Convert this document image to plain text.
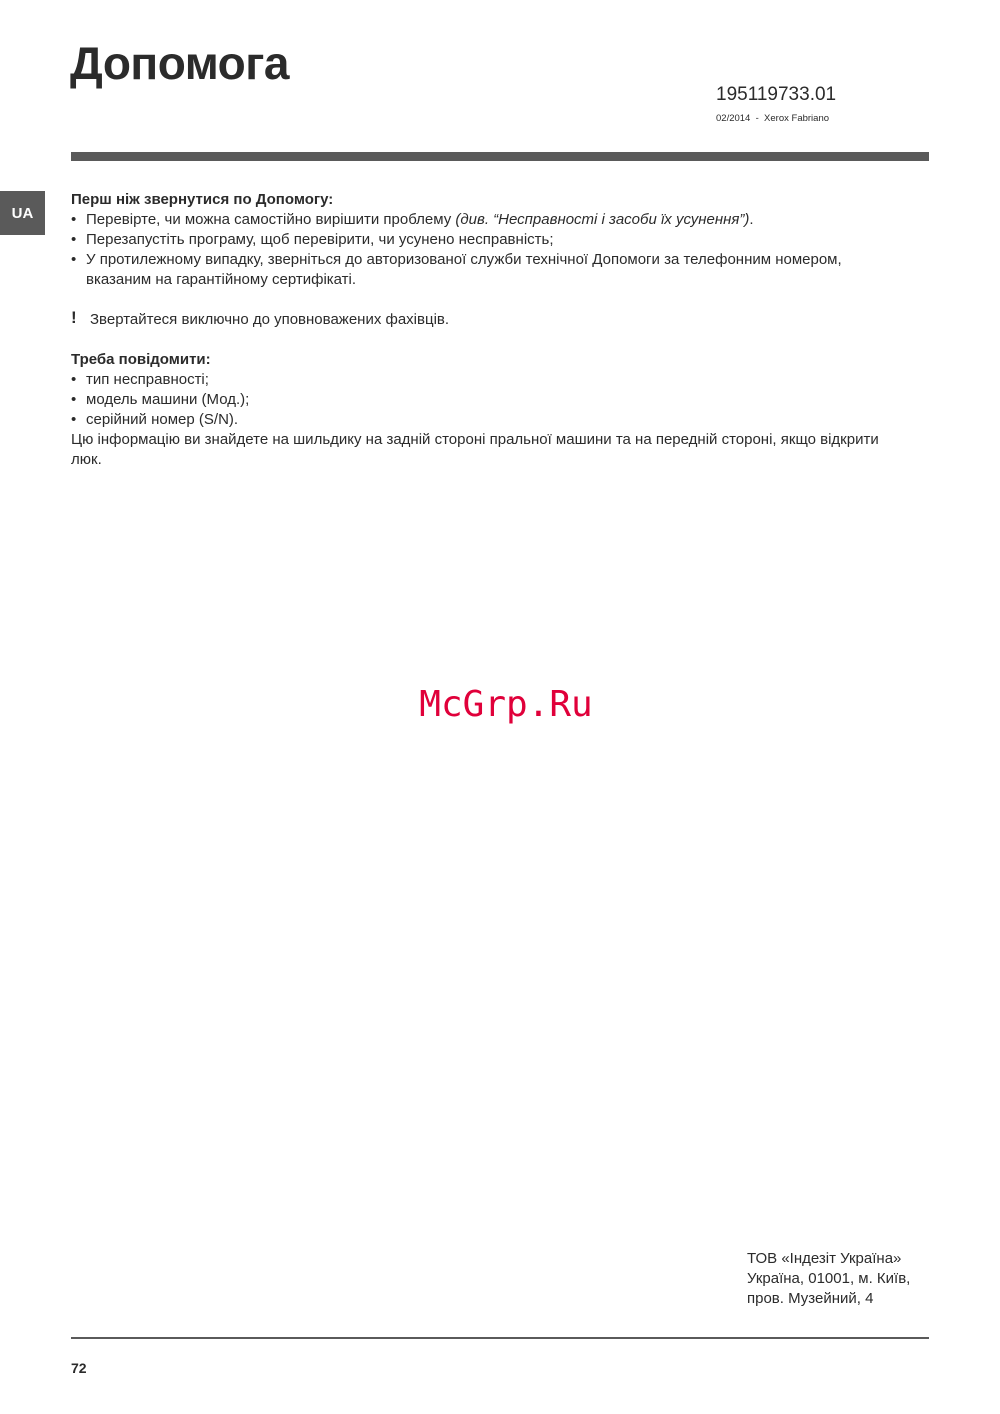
Допомога
195119733.01
02/2014  -  Xerox Fabriano
UA

Перш ніж звернутися по Допомогу:

• Перевірте, чи можна самостійно вирішити проблему (див. “Несправності і засоби їх усунення”).
• Перезапустіть програму, щоб перевірити, чи усунено несправність;
• У протилежному випадку, зверніться до авторизованої служби технічної Допомоги за телефонним номером, вказаним на гарантійному сертифікаті.
! Звертайтеся виключно до уповноважених фахівців.

Треба повідомити:

• тип несправності;
• модель машини (Мод.);
• серійний номер (S/N).
Цю інформацію ви знайдете на шильдику на задній стороні пральної машини та на передній стороні, якщо відкрити люк.
McGrp.Ru
ТОВ «Індезіт Україна»
Україна, 01001, м. Київ,
пров. Музейний, 4
72
